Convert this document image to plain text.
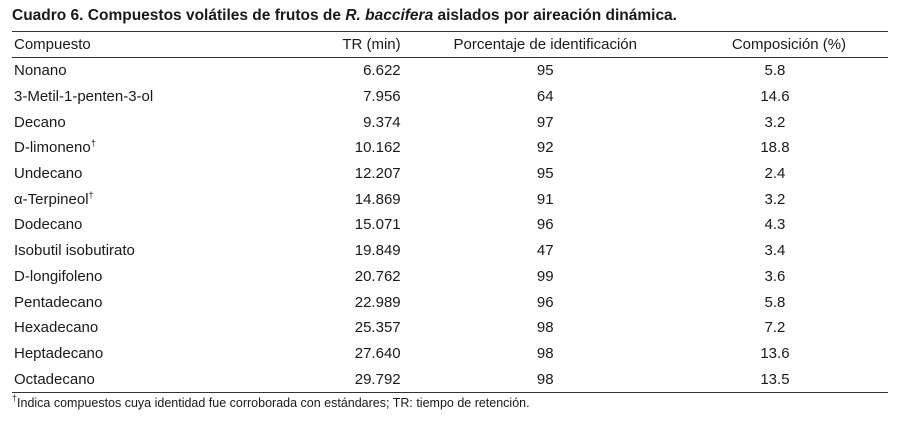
Cuadro 6. Compuestos volátiles de frutos de R. baccifera aislados por aireación dinámica.
Compuesto	TR (min)	Porcentaje de identificación	Composición (%)
Nonano	6.622	95	5.8
3-Metil-1-penten-3-ol	7.956	64	14.6
Decano	9.374	97	3.2
D-limoneno†	10.162	92	18.8
Undecano	12.207	95	2.4
α-Terpineol†	14.869	91	3.2
Dodecano	15.071	96	4.3
Isobutil isobutirato	19.849	47	3.4
D-longifoleno	20.762	99	3.6
Pentadecano	22.989	96	5.8
Hexadecano	25.357	98	7.2
Heptadecano	27.640	98	13.6
Octadecano	29.792	98	13.5
†Indica compuestos cuya identidad fue corroborada con estándares; TR: tiempo de retención.
